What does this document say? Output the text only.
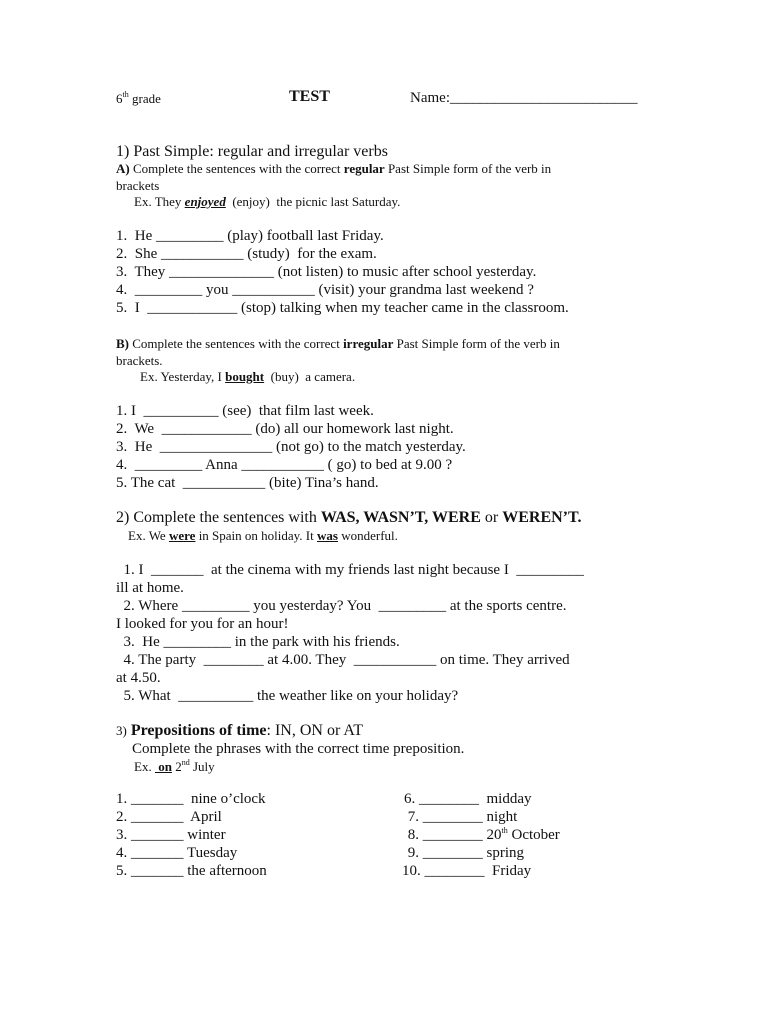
6th grade	TEST	Name:_________________________
1) Past Simple: regular and irregular verbs
A) Complete the sentences with the correct regular Past Simple form of the verb in
brackets
Ex. They enjoyed  (enjoy)  the picnic last Saturday.
1.  He _________ (play) football last Friday.
2.  She ___________ (study)  for the exam.
3.  They ______________ (not listen) to music after school yesterday.
4.  _________ you ___________ (visit) your grandma last weekend ?
5.  I  ____________ (stop) talking when my teacher came in the classroom.
B) Complete the sentences with the correct irregular Past Simple form of the verb in
brackets.
Ex. Yesterday, I bought  (buy)  a camera.
1. I  __________ (see)  that film last week.
2.  We  ____________ (do) all our homework last night.
3.  He  _______________ (not go) to the match yesterday.
4.  _________ Anna ___________ ( go) to bed at 9.00 ?
5. The cat  ___________ (bite) Tina’s hand.
2) Complete the sentences with WAS, WASN’T, WERE or WEREN’T.
Ex. We were in Spain on holiday. It was wonderful.
1. I  _______  at the cinema with my friends last night because I  _________
ill at home.
2. Where _________ you yesterday? You  _________ at the sports centre.
I looked for you for an hour!
3.  He _________ in the park with his friends.
4. The party  ________ at 4.00. They  ___________ on time. They arrived
at 4.50.
5. What  __________ the weather like on your holiday?
3) Prepositions of time: IN, ON or AT
Complete the phrases with the correct time preposition.
Ex.  on 2nd July
1. _______  nine o’clock
2. _______  April
3. _______ winter
4. _______ Tuesday
5. _______ the afternoon
6. ________  midday
7. ________ night
8. ________ 20th October
9. ________ spring
10. ________  Friday
